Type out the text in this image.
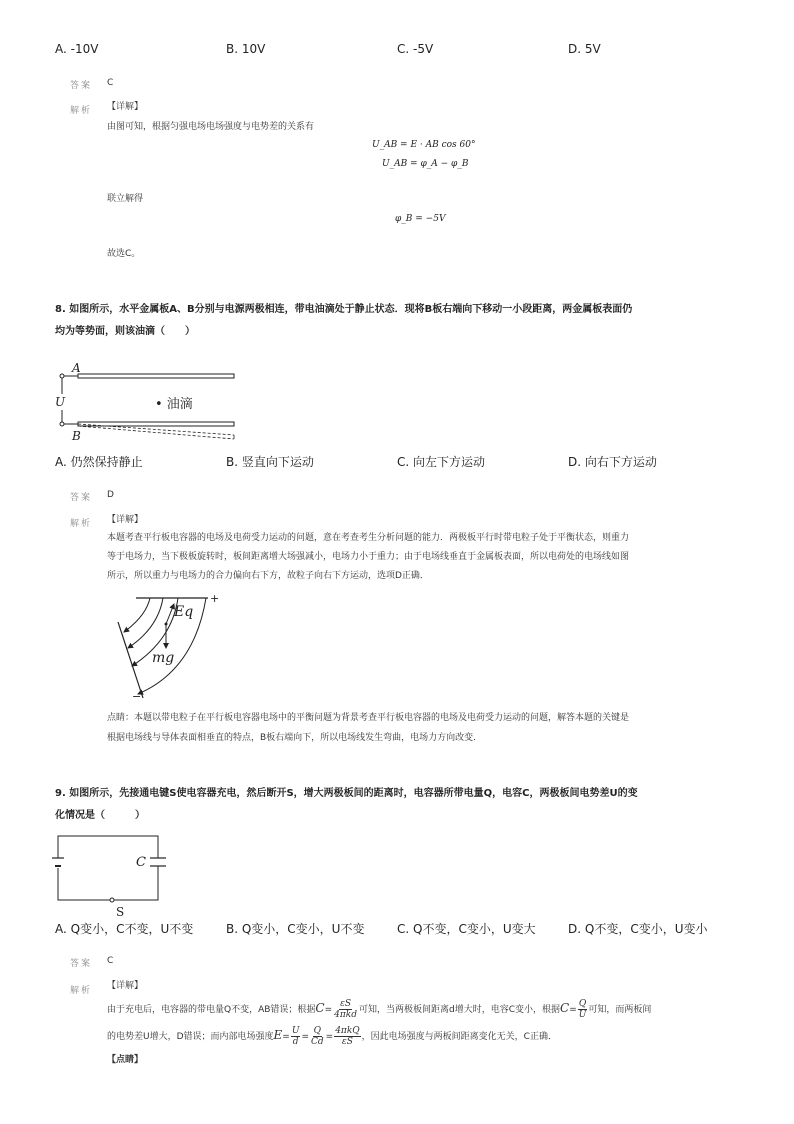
A. -10V	B. 10V	C. -5V	D. 5V
答案 C
解析 【详解】
由图可知，根据匀强电场电场强度与电势差的关系有
U_AB = E · AB cos 60°
U_AB = φ_A − φ_B
联立解得
φ_B = −5V
故选C。
8. 如图所示，水平金属板A、B分别与电源两极相连，带电油滴处于静止状态．现将B板右端向下移动一小段距离，两金属板表面仍
均为等势面，则该油滴（　　）
A
U
B
• 油滴
A. 仍然保持静止	B. 竖直向下运动	C. 向左下方运动	D. 向右下方运动
答案 D
解析 【详解】
本题考查平行板电容器的电场及电荷受力运动的问题，意在考查考生分析问题的能力．两极板平行时带电粒子处于平衡状态，则重力
等于电场力，当下极板旋转时，板间距离增大场强减小，电场力小于重力；由于电场线垂直于金属板表面，所以电荷处的电场线如图
所示，所以重力与电场力的合力偏向右下方，故粒子向右下方运动，选项D正确．
+
−
Eq
mg
点睛：本题以带电粒子在平行板电容器电场中的平衡问题为背景考查平行板电容器的电场及电荷受力运动的问题，解答本题的关键是
根据电场线与导体表面相垂直的特点，B板右端向下，所以电场线发生弯曲，电场力方向改变．
9. 如图所示，先接通电键S使电容器充电，然后断开S，增大两极板间的距离时，电容器所带电量Q，电容C，两极板间电势差U的变
化情况是（　　　）
C
S
A. Q变小，C不变，U不变	B. Q变小，C变小，U不变	C. Q不变，C变小，U变大	D. Q不变，C变小，U变小
答案 C
解析 【详解】
由于充电后，电容器的带电量Q不变，AB错误；根据$C= \frac{\varepsilon S}{\text{4πkd}}$ 可知，当两极板间距离d增大时，电容C变小，根据$C= \frac{Q}{U}$ 可知，而两板间
的电势差U增大，D错误；而内部电场强度$E= \frac{U}{d} = \frac{Q}{Cd} = \frac{\text{4πkQ}}{\varepsilon S}$ ，因此电场强度与两板间距离变化无关，C正确．
【点睛】
